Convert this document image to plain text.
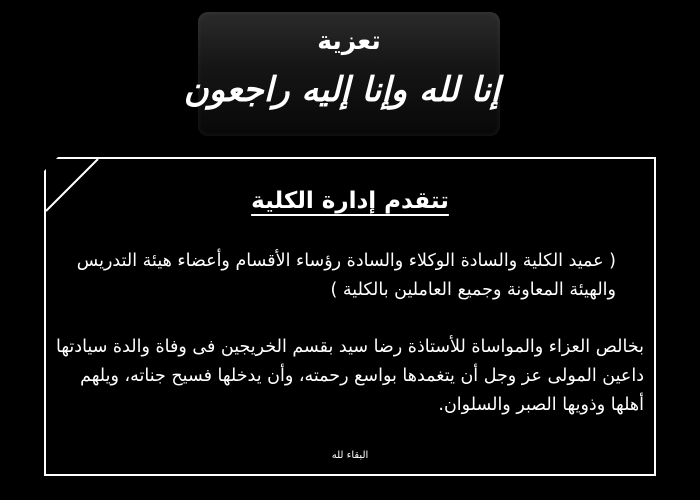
تعزية
إنا لله وإنا إليه راجعون
تتقدم إدارة الكلية
( عميد الكلية والسادة الوكلاء والسادة رؤساء الأقسام وأعضاء هيئة التدريس والهيئة المعاونة وجميع العاملين بالكلية )
بخالص العزاء والمواساة للأستاذة رضا سيد بقسم الخريجين فى وفاة والدة سيادتها داعين المولى عز وجل أن يتغمدها بواسع رحمته، وأن يدخلها فسيح جناته، ويلهم أهلها وذويها الصبر والسلوان.
البقاء لله
